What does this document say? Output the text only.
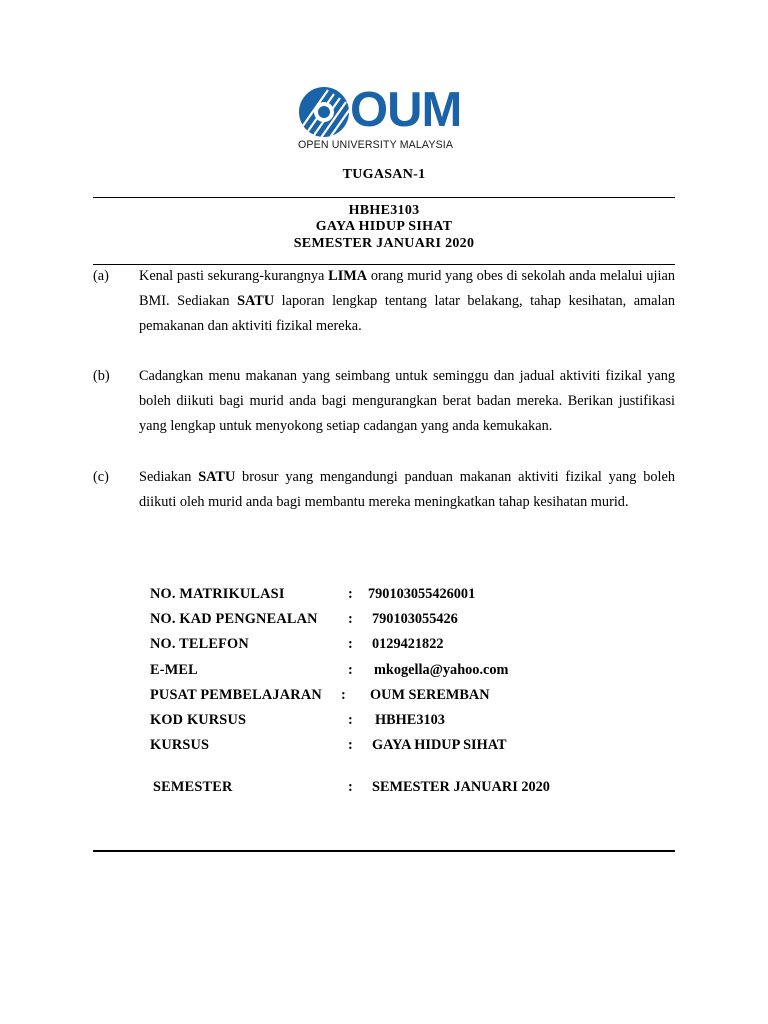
OUM
OPEN UNIVERSITY MALAYSIA
TUGASAN-1
HBHE3103
GAYA HIDUP SIHAT
SEMESTER JANUARI 2020
(a) Kenal pasti sekurang-kurangnya LIMA orang murid yang obes di sekolah anda melalui ujian BMI. Sediakan SATU laporan lengkap tentang latar belakang, tahap kesihatan, amalan pemakanan dan aktiviti fizikal mereka.
(b) Cadangkan menu makanan yang seimbang untuk seminggu dan jadual aktiviti fizikal yang boleh diikuti bagi murid anda bagi mengurangkan berat badan mereka. Berikan justifikasi yang lengkap untuk menyokong setiap cadangan yang anda kemukakan.
(c) Sediakan SATU brosur yang mengandungi panduan makanan aktiviti fizikal yang boleh diikuti oleh murid anda bagi membantu mereka meningkatkan tahap kesihatan murid.
NO. MATRIKULASI	: 790103055426001
NO. KAD PENGNEALAN : 790103055426
NO. TELEFON	: 0129421822
E-MEL	: mkogella@yahoo.com
PUSAT PEMBELAJARAN : OUM SEREMBAN
KOD KURSUS	: HBHE3103
KURSUS	: GAYA HIDUP SIHAT
SEMESTER	: SEMESTER JANUARI 2020
